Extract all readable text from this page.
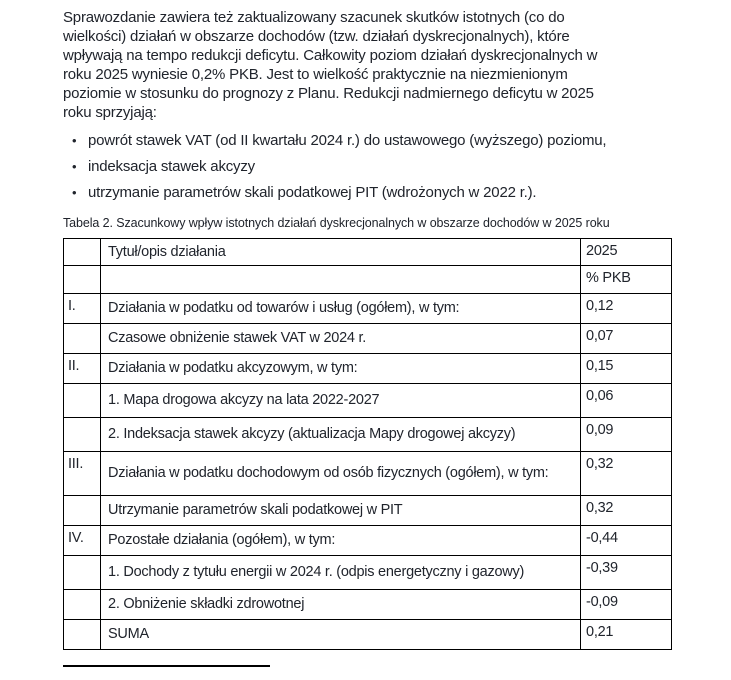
Sprawozdanie zawiera też zaktualizowany szacunek skutków istotnych (co do wielkości) działań w obszarze dochodów (tzw. działań dyskrecjonalnych), które wpływają na tempo redukcji deficytu. Całkowity poziom działań dyskrecjonalnych w roku 2025 wyniesie 0,2% PKB. Jest to wielkość praktycznie na niezmienionym poziomie w stosunku do prognozy z Planu. Redukcji nadmiernego deficytu w 2025 roku sprzyjają:

• powrót stawek VAT (od II kwartału 2024 r.) do ustawowego (wyższego) poziomu,
• indeksacja stawek akcyzy
• utrzymanie parametrów skali podatkowej PIT (wdrożonych w 2022 r.).
Tabela 2. Szacunkowy wpływ istotnych działań dyskrecjonalnych w obszarze dochodów w 2025 roku
	Tytuł/opis działania	2025
		% PKB
I.	Działania w podatku od towarów i usług (ogółem), w tym:	0,12
	Czasowe obniżenie stawek VAT w 2024 r.	0,07
II.	Działania w podatku akcyzowym, w tym:	0,15
	1. Mapa drogowa akcyzy na lata 2022-2027	0,06
	2. Indeksacja stawek akcyzy (aktualizacja Mapy drogowej akcyzy)	0,09
III.	Działania w podatku dochodowym od osób fizycznych (ogółem), w tym:	0,32
	Utrzymanie parametrów skali podatkowej w PIT	0,32
IV.	Pozostałe działania (ogółem), w tym:	-0,44
	1. Dochody z tytułu energii w 2024 r. (odpis energetyczny i gazowy)	-0,39
	2. Obniżenie składki zdrowotnej	-0,09
	SUMA	0,21
